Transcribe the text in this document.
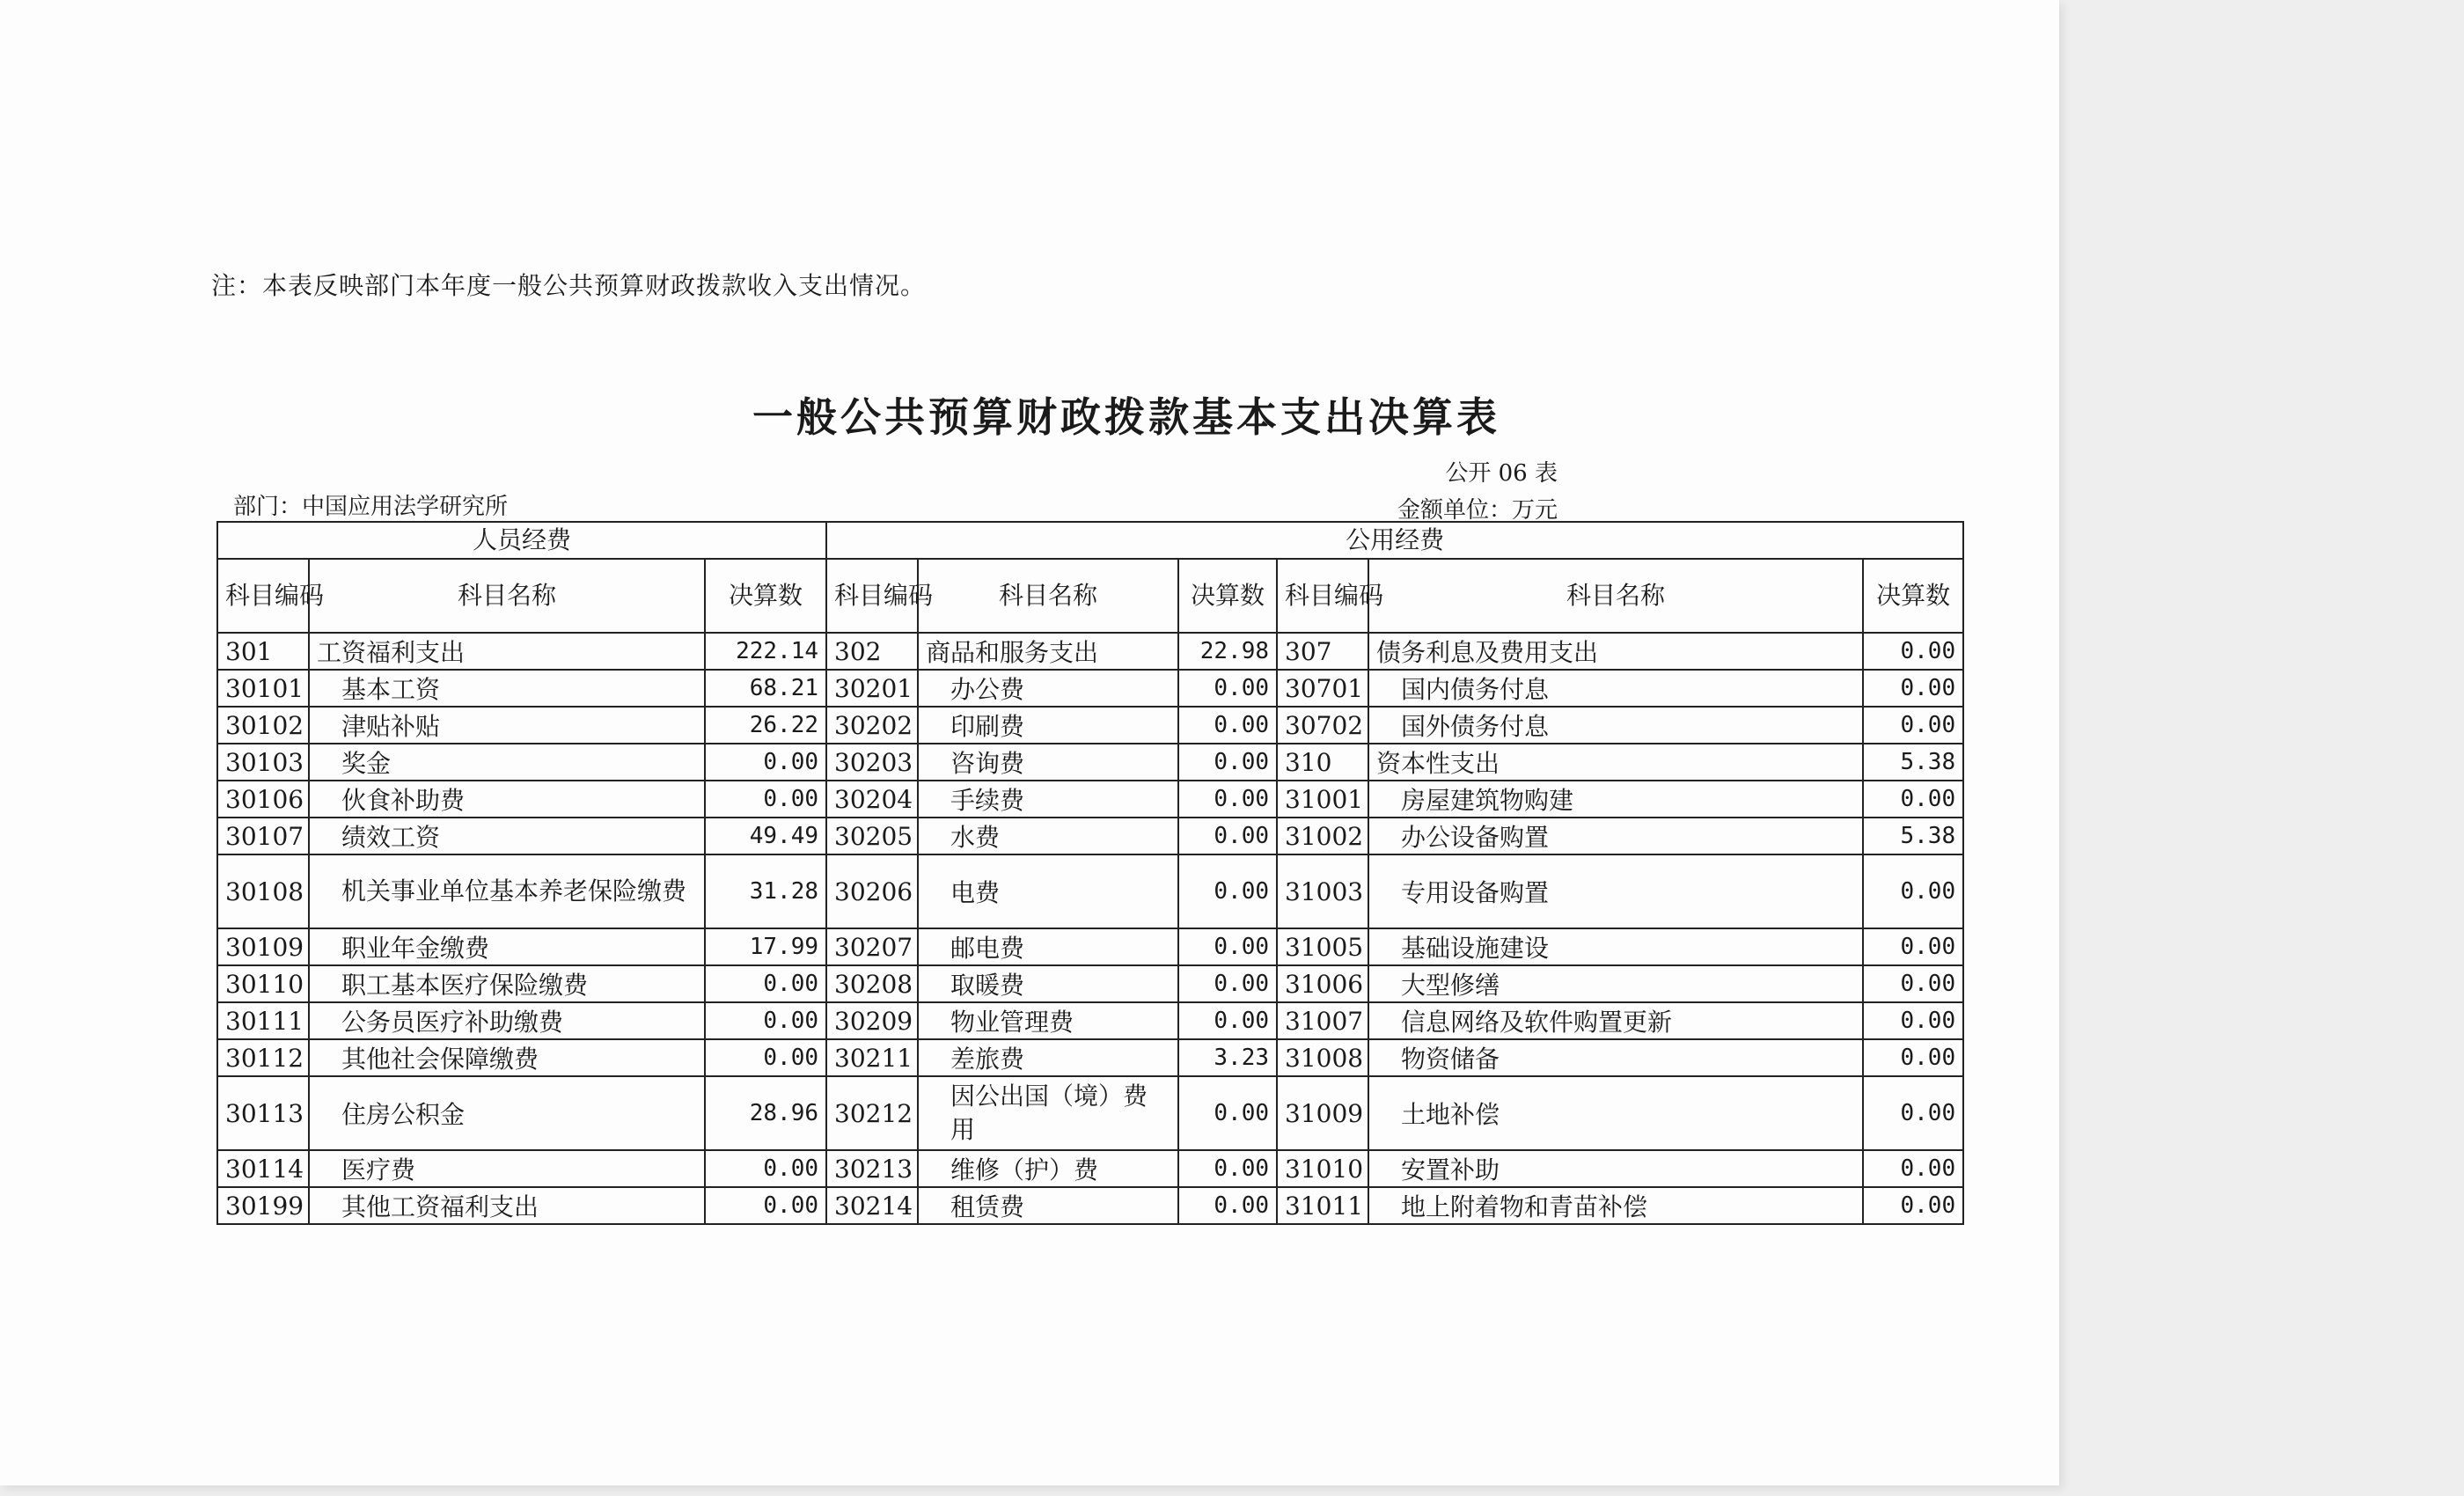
注：本表反映部门本年度一般公共预算财政拨款收入支出情况。
一般公共预算财政拨款基本支出决算表
公开 06 表
部门：中国应用法学研究所	金额单位：万元
人员经费			公用经费					
科目编码	科目名称	决算数	科目编码	科目名称	决算数	科目编码	科目名称	决算数
301	工资福利支出	222.14	302	商品和服务支出	22.98	307	债务利息及费用支出	0.00
30101	基本工资	68.21	30201	办公费	0.00	30701	国内债务付息	0.00
30102	津贴补贴	26.22	30202	印刷费	0.00	30702	国外债务付息	0.00
30103	奖金	0.00	30203	咨询费	0.00	310	资本性支出	5.38
30106	伙食补助费	0.00	30204	手续费	0.00	31001	房屋建筑物购建	0.00
30107	绩效工资	49.49	30205	水费	0.00	31002	办公设备购置	5.38
30108	机关事业单位基本养老保险缴费	31.28	30206	电费	0.00	31003	专用设备购置	0.00
30109	职业年金缴费	17.99	30207	邮电费	0.00	31005	基础设施建设	0.00
30110	职工基本医疗保险缴费	0.00	30208	取暖费	0.00	31006	大型修缮	0.00
30111	公务员医疗补助缴费	0.00	30209	物业管理费	0.00	31007	信息网络及软件购置更新	0.00
30112	其他社会保障缴费	0.00	30211	差旅费	3.23	31008	物资储备	0.00
30113	住房公积金	28.96	30212	因公出国（境）费用	0.00	31009	土地补偿	0.00
30114	医疗费	0.00	30213	维修（护）费	0.00	31010	安置补助	0.00
30199	其他工资福利支出	0.00	30214	租赁费	0.00	31011	地上附着物和青苗补偿	0.00
